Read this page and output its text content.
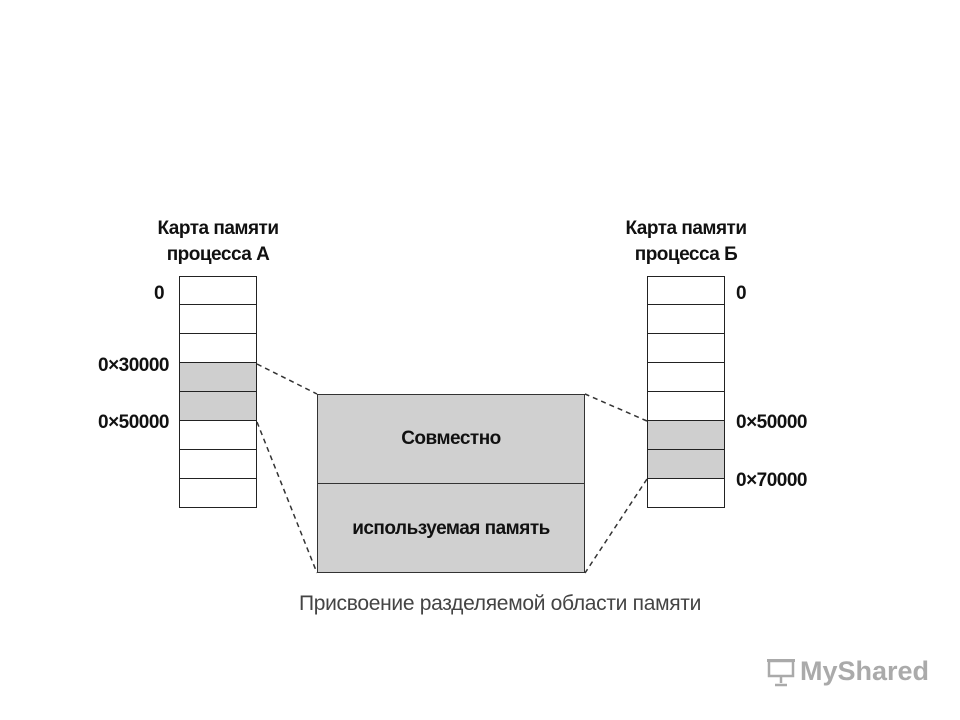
Карта памяти
процесса А
Карта памяти
процесса Б
0
0×30000
0×50000
0
0×50000
0×70000
Совместно
используемая память
Присвоение разделяемой области памяти
MyShared
